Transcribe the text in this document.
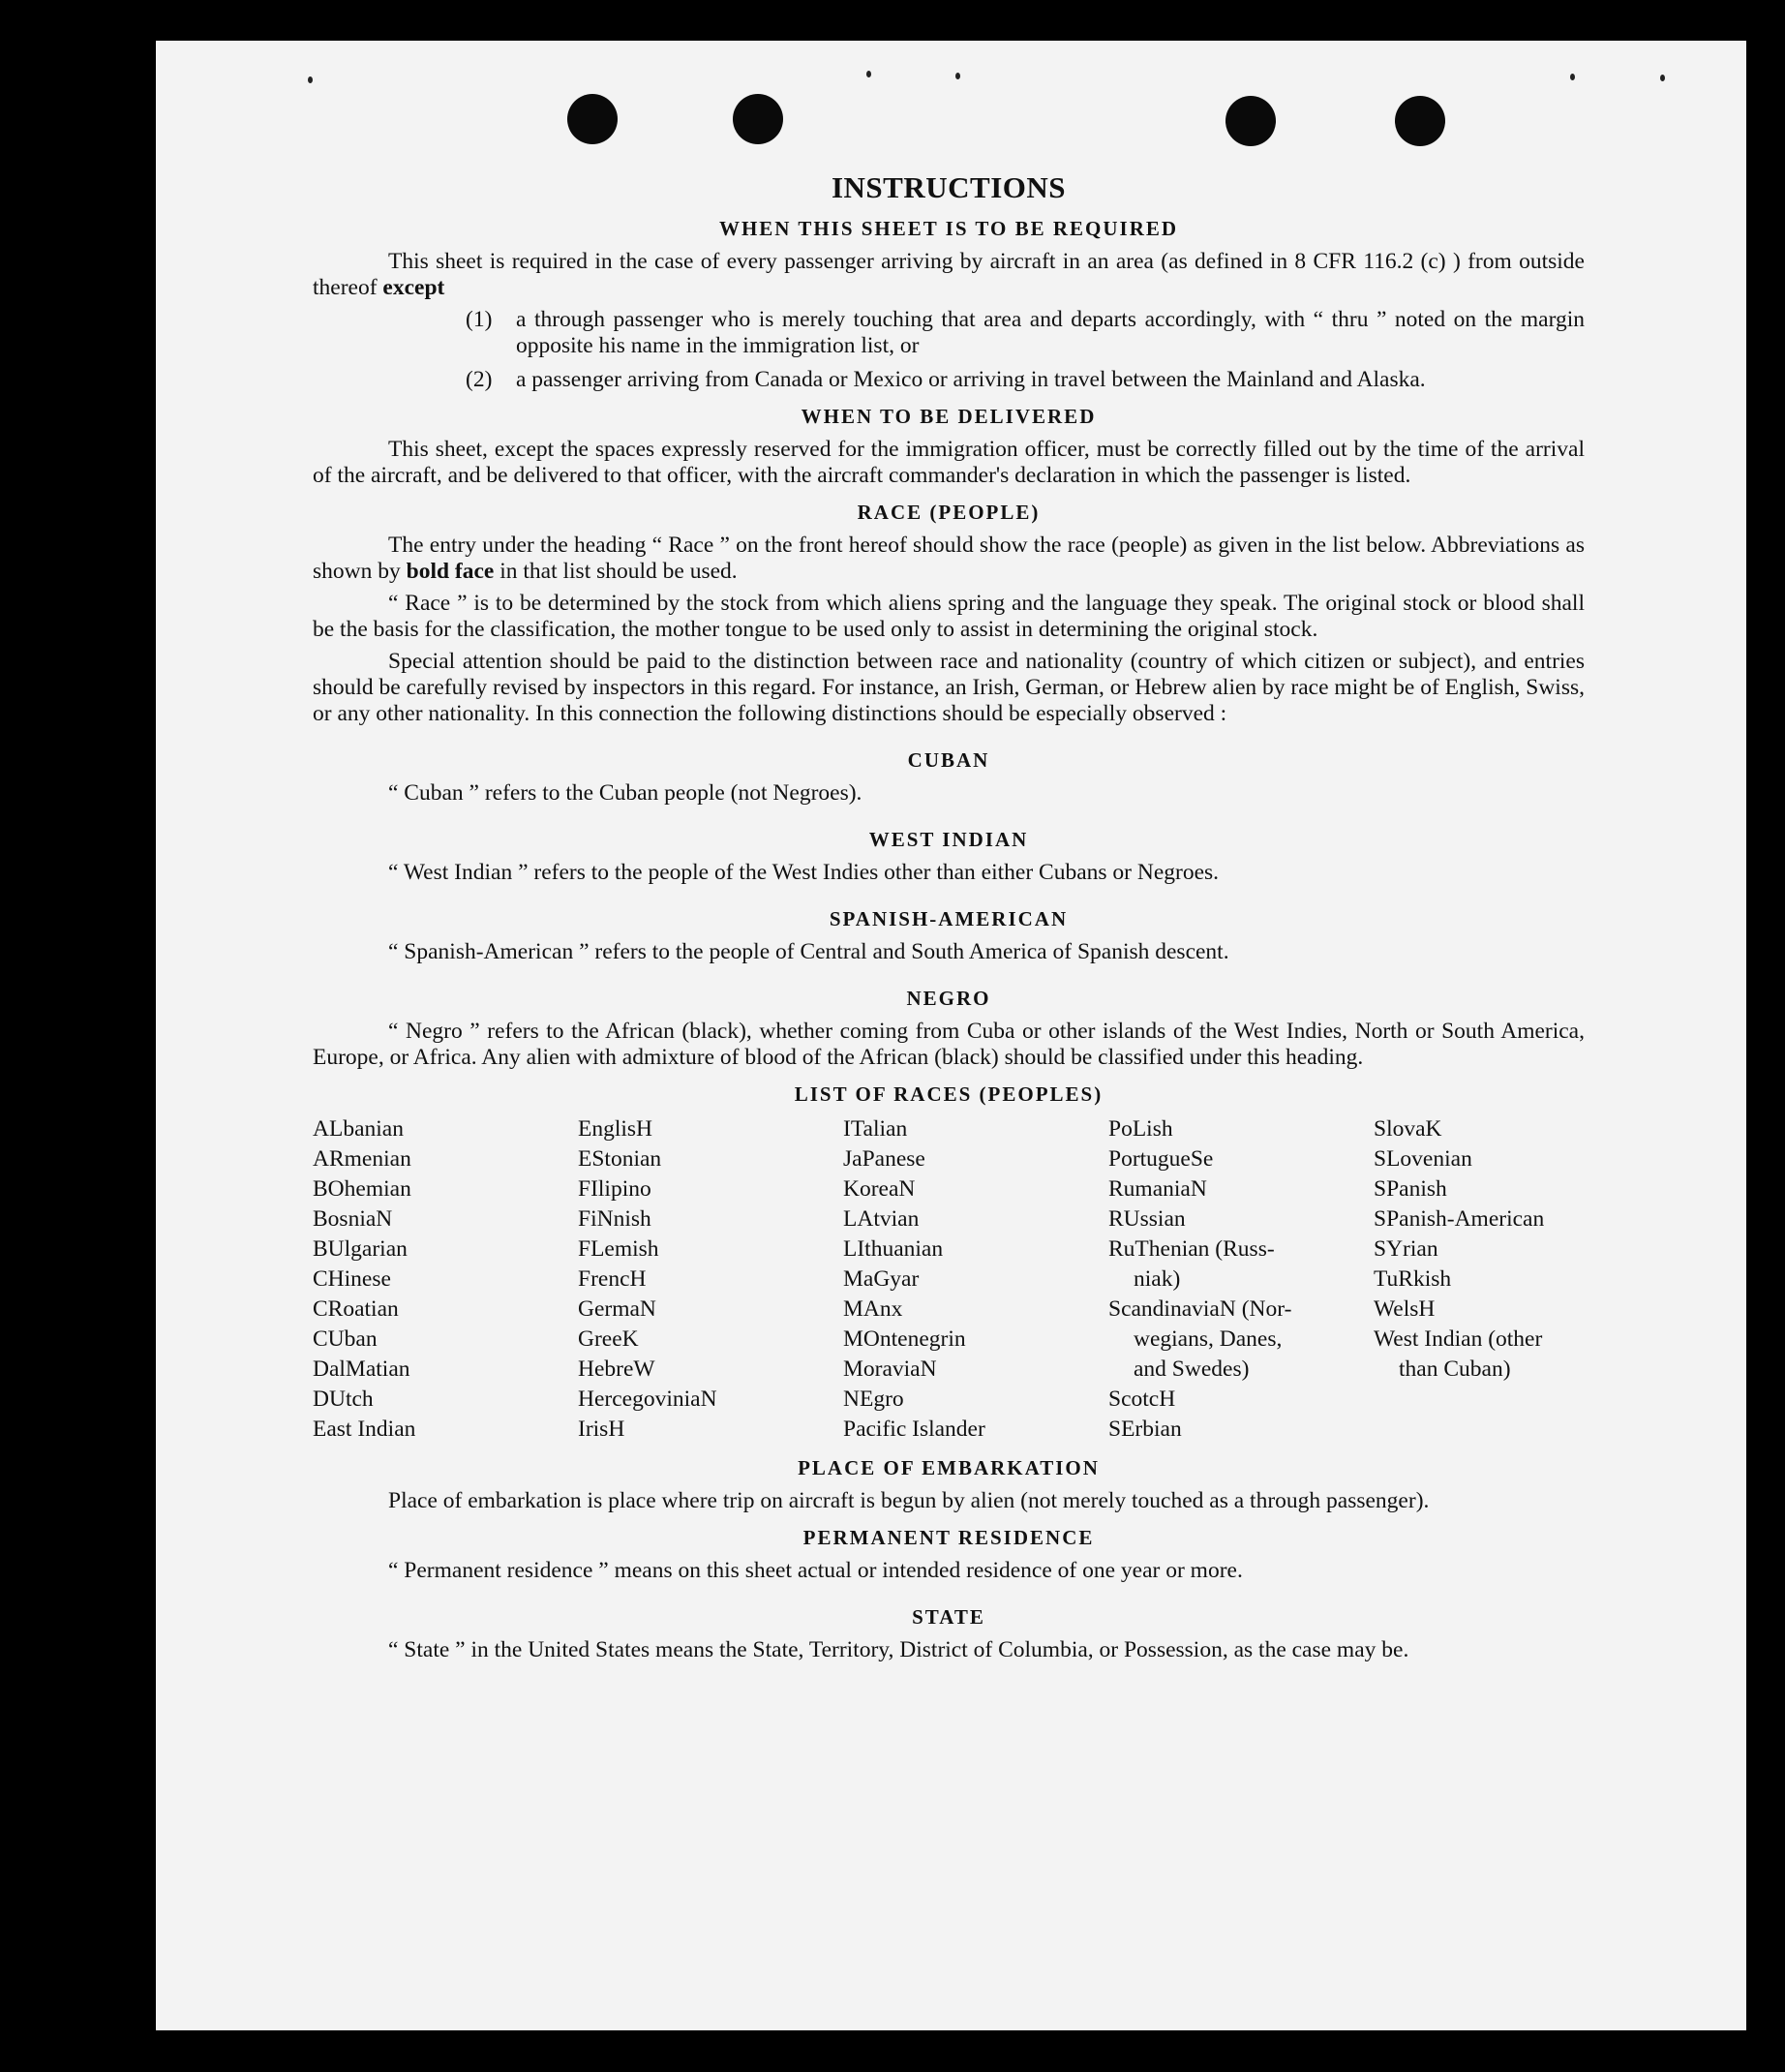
INSTRUCTIONS
WHEN THIS SHEET IS TO BE REQUIRED

This sheet is required in the case of every passenger arriving by aircraft in an area (as defined in 8 CFR 116.2 (c) ) from outside thereof except

(1)	a through passenger who is merely touching that area and departs accordingly, with “ thru ” noted on the margin opposite his name in the immigration list, or
(2)	a passenger arriving from Canada or Mexico or arriving in travel between the Mainland and Alaska.
WHEN TO BE DELIVERED

This sheet, except the spaces expressly reserved for the immigration officer, must be correctly filled out by the time of the arrival of the aircraft, and be delivered to that officer, with the aircraft commander's declaration in which the passenger is listed.

RACE (PEOPLE)

The entry under the heading “ Race ” on the front hereof should show the race (people) as given in the list below. Abbreviations as shown by bold face in that list should be used.

“ Race ” is to be determined by the stock from which aliens spring and the language they speak. The original stock or blood shall be the basis for the classification, the mother tongue to be used only to assist in determining the original stock.

Special attention should be paid to the distinction between race and nationality (country of which citizen or subject), and entries should be carefully revised by inspectors in this regard. For instance, an Irish, German, or Hebrew alien by race might be of English, Swiss, or any other nationality. In this connection the following distinctions should be especially observed :

CUBAN

“ Cuban ” refers to the Cuban people (not Negroes).

WEST INDIAN

“ West Indian ” refers to the people of the West Indies other than either Cubans or Negroes.

SPANISH-AMERICAN

“ Spanish-American ” refers to the people of Central and South America of Spanish descent.

NEGRO

“ Negro ” refers to the African (black), whether coming from Cuba or other islands of the West Indies, North or South America, Europe, or Africa. Any alien with admixture of blood of the African (black) should be classified under this heading.

LIST OF RACES (PEOPLES)
ALbanian
ARmenian
BOhemian
BosniaN
BUlgarian
CHinese
CRoatian
CUban
DalMatian
DUtch
East Indian
EnglisH
EStonian
FIlipino
FiNnish
FLemish
FrencH
GermaN
GreeK
HebreW
HercegoviniaN
IrisH
ITalian
JaPanese
KoreaN
LAtvian
LIthuanian
MaGyar
MAnx
MOntenegrin
MoraviaN
NEgro
Pacific Islander
PoLish
PortugueSe
RumaniaN
RUssian
RuThenian (Russ-
niak)
ScandinaviaN (Nor-
wegians, Danes,
and Swedes)
ScotcH
SErbian
SlovaK
SLovenian
SPanish
SPanish-American
SYrian
TuRkish
WelsH
West Indian (other
than Cuban)
PLACE OF EMBARKATION

Place of embarkation is place where trip on aircraft is begun by alien (not merely touched as a through passenger).

PERMANENT RESIDENCE

“ Permanent residence ” means on this sheet actual or intended residence of one year or more.

STATE

“ State ” in the United States means the State, Territory, District of Columbia, or Possession, as the case may be.
